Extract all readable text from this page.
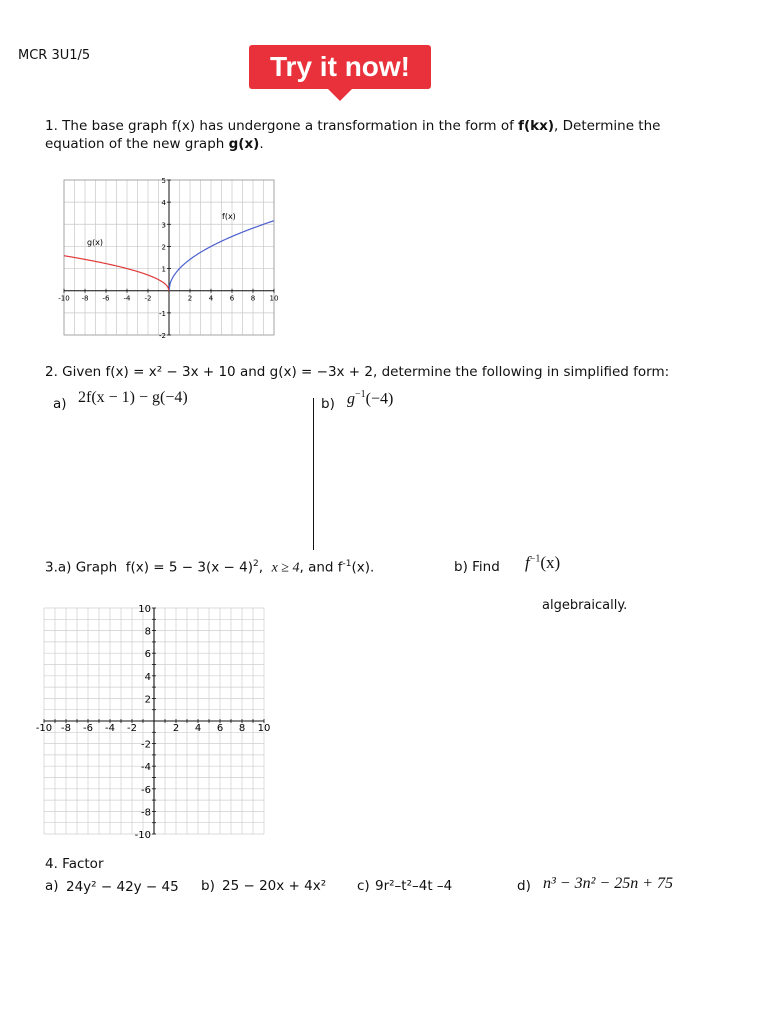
MCR 3U1/5	Try it now!
1. The base graph f(x) has undergone a transformation in the form of f(kx), Determine the
equation of the new graph g(x).
-10 -8 -6 -4 -2	2 4 6 8 10
5
4
3
2
1
-1
-2
f(x)
g(x)
2. Given f(x) = x² − 3x + 10 and g(x) = −3x + 2, determine the following in simplified form:
a) 2f(x − 1) − g(−4)	b) $g^{-1}(-4)$
3.a) Graph $f(x) = 5 - 3(x - 4)^2$, x ≥ 4, and $f^{-1}(x)$.	b) Find $f^{-1}(x)$
algebraically.
-10 -8 -6 -4 -2	2 4 6 8 10
10
8
6
4
2
-2
-4
-6
-8
-10
4. Factor
a) 24y² − 42y − 45 b) 25 − 20x + 4x² c) 9r²–t²–4t –4	d) n³ − 3n² − 25n + 75
